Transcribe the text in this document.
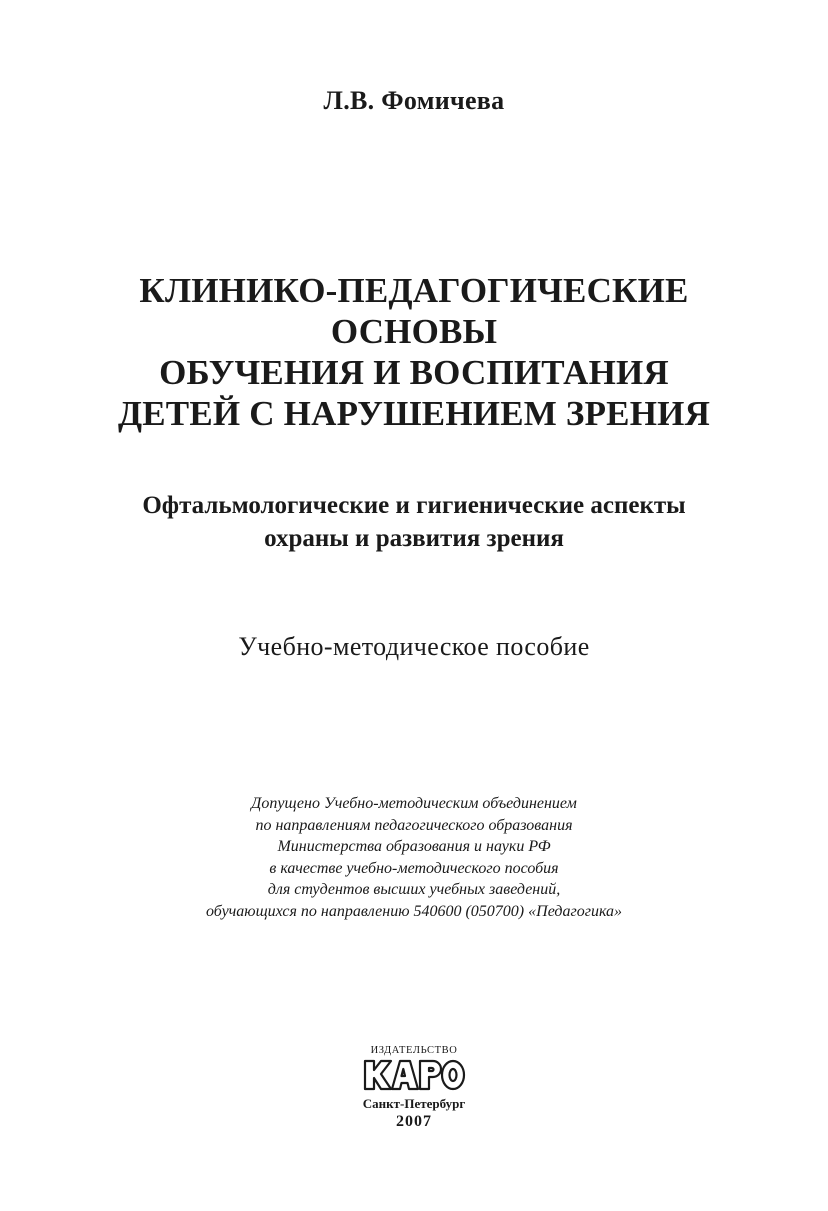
Л.В. Фомичева
КЛИНИКО-ПЕДАГОГИЧЕСКИЕ
ОСНОВЫ
ОБУЧЕНИЯ И ВОСПИТАНИЯ
ДЕТЕЙ С НАРУШЕНИЕМ ЗРЕНИЯ
Офтальмологические и гигиенические аспекты
охраны и развития зрения
Учебно-методическое пособие
Допущено Учебно-методическим объединением
по направлениям педагогического образования
Министерства образования и науки РФ
в качестве учебно-методического пособия
для студентов высших учебных заведений,
обучающихся по направлению 540600 (050700) «Педагогика»
ИЗДАТЕЛЬСТВО
Санкт-Петербург
2007
